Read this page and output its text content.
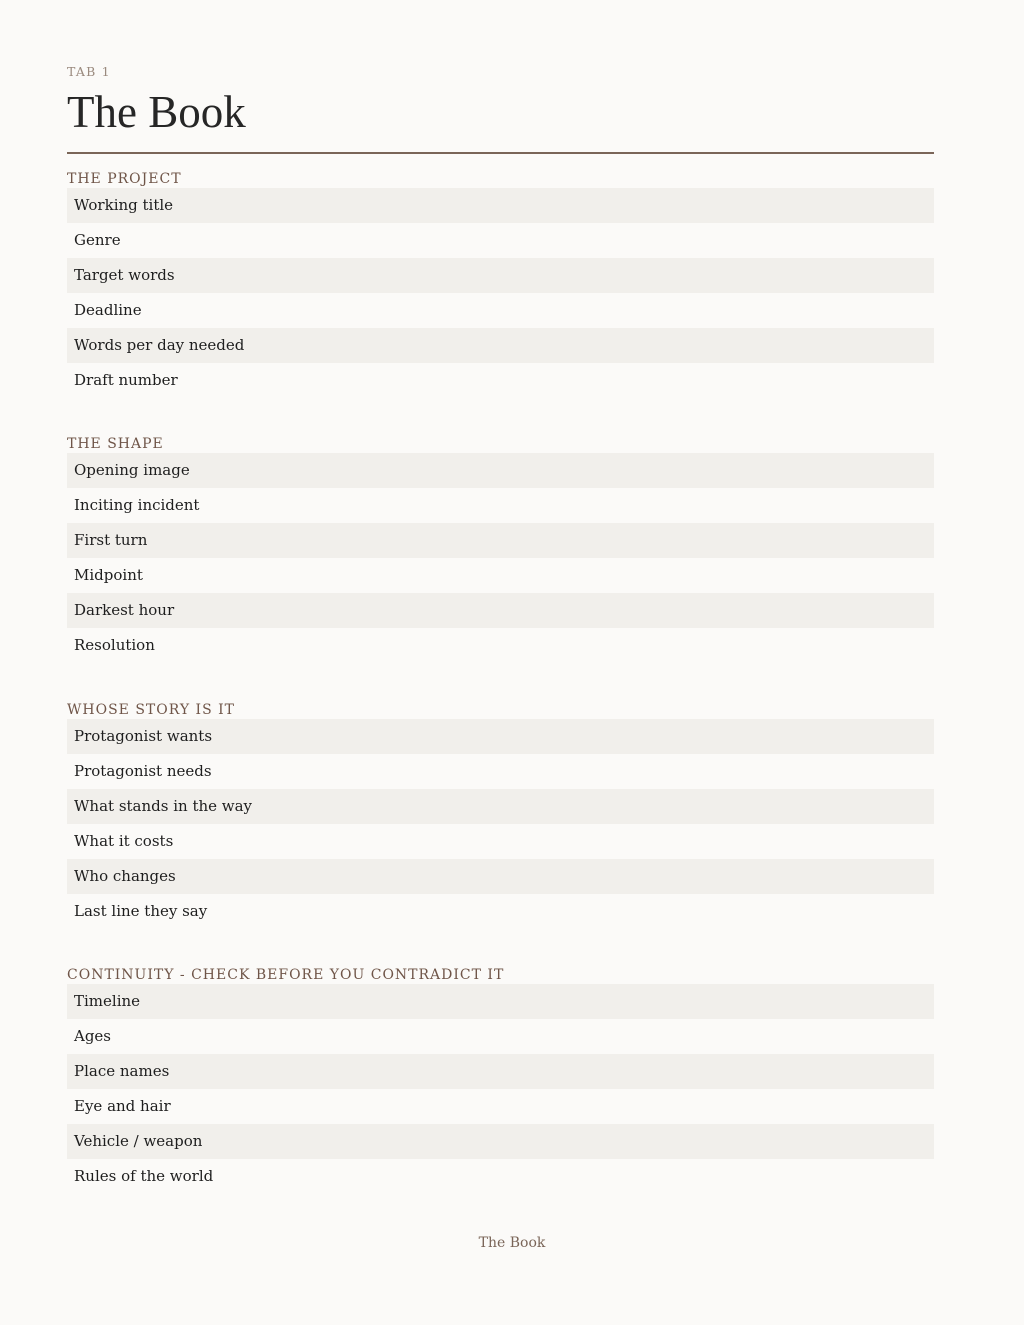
TAB 1
The Book
THE PROJECT
Working title
Genre
Target words
Deadline
Words per day needed
Draft number
THE SHAPE
Opening image
Inciting incident
First turn
Midpoint
Darkest hour
Resolution
WHOSE STORY IS IT
Protagonist wants
Protagonist needs
What stands in the way
What it costs
Who changes
Last line they say
CONTINUITY - CHECK BEFORE YOU CONTRADICT IT
Timeline
Ages
Place names
Eye and hair
Vehicle / weapon
Rules of the world
The Book
